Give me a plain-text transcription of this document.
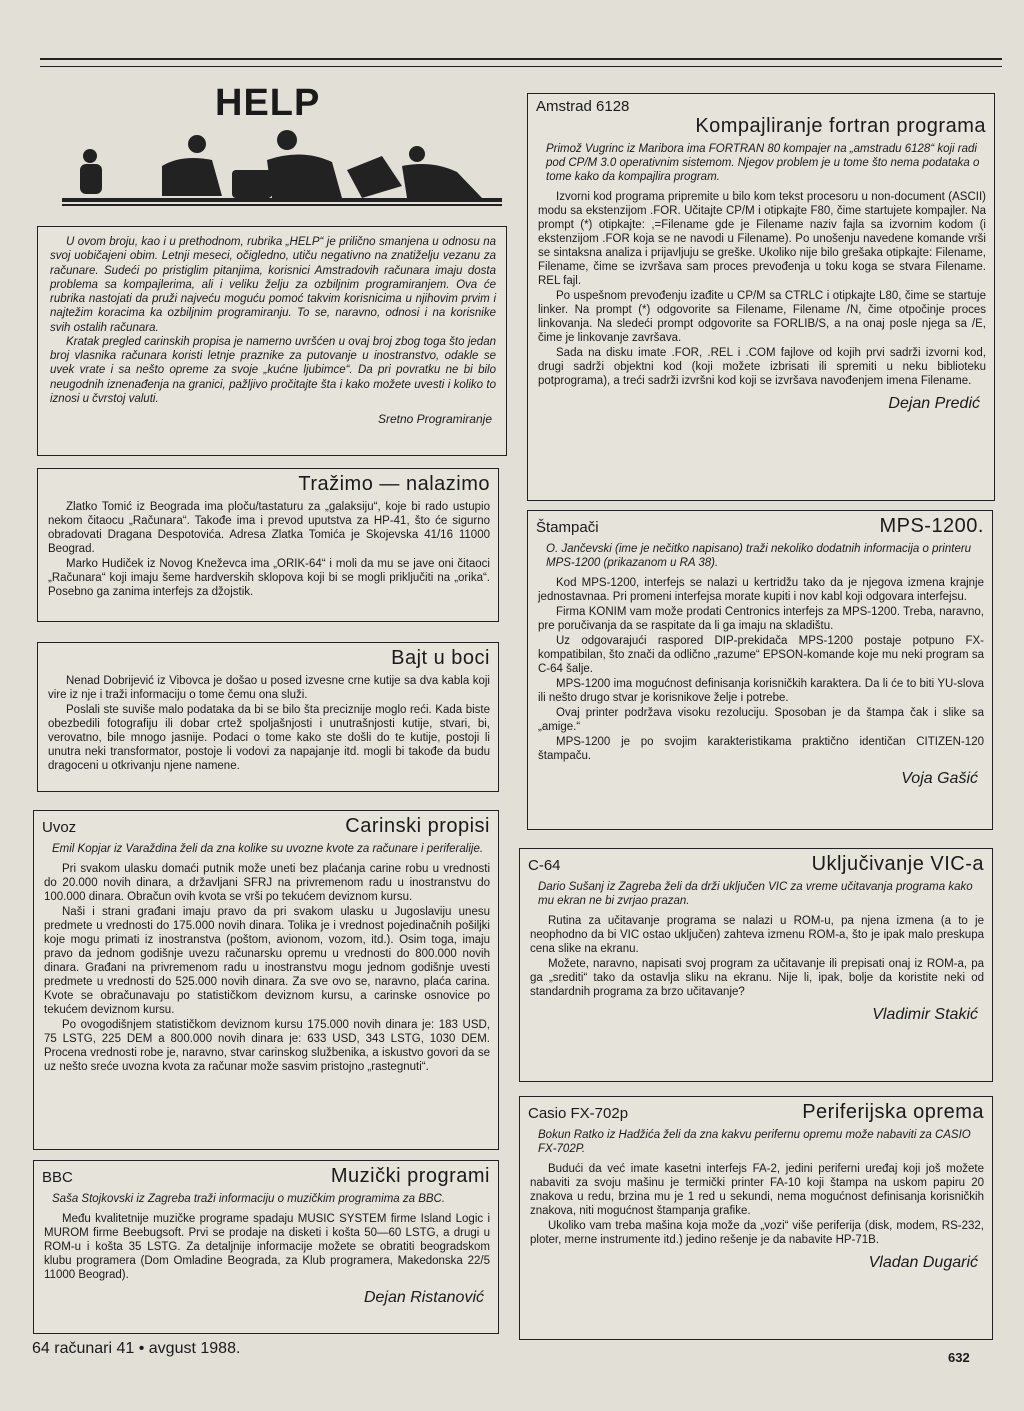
HELP

U ovom broju, kao i u prethodnom, rubrika „HELP“ je prilično smanjena u odnosu na svoj uobičajeni obim. Letnji meseci, očigledno, utiču negativno na znatiželju vezanu za računare. Sudeći po pristiglim pitanjima, korisnici Amstradovih računara imaju dosta problema sa kompajlerima, ali i veliku želju za ozbiljnim programiranjem. Ova će rubrika nastojati da pruži najveću moguću pomoć takvim korisnicima u njihovim prvim i najtežim koracima ka ozbiljnim programiranju. To se, naravno, odnosi i na korisnike svih ostalih računara.

Kratak pregled carinskih propisa je namerno uvršćen u ovaj broj zbog toga što jedan broj vlasnika računara koristi letnje praznike za putovanje u inostranstvo, odakle se uvek vrate i sa nešto opreme za svoje „kućne ljubimce“. Da pri povratku ne bi bilo neugodnih iznenađenja na granici, pažljivo pročitajte šta i kako možete uvesti i koliko to iznosi u čvrstoj valuti.

Sretno Programiranje
Tražimo — nalazimo

Zlatko Tomić iz Beograda ima ploču/tastaturu za „galaksiju“, koje bi rado ustupio nekom čitaocu „Računara“. Takođe ima i prevod uputstva za HP-41, što će sigurno obradovati Dragana Despotovića. Adresa Zlatka Tomića je Skojevska 41/16 11000 Beograd.

Marko Hudiček iz Novog Kneževca ima „ORIK-64“ i moli da mu se jave oni čitaoci „Računara“ koji imaju šeme hardverskih sklopova koji bi se mogli priključiti na „orika“. Posebno ga zanima interfejs za džojstik.

Bajt u boci

Nenad Dobrijević iz Vibovca je došao u posed izvesne crne kutije sa dva kabla koji vire iz nje i traži informaciju o tome čemu ona služi.

Poslali ste suviše malo podataka da bi se bilo šta preciznije moglo reći. Kada biste obezbedili fotografiju ili dobar crtež spoljašnjosti i unutrašnjosti kutije, stvari, bi, verovatno, bile mnogo jasnije. Podaci o tome kako ste došli do te kutije, postoji li unutra neki transformator, postoje li vodovi za napajanje itd. mogli bi takođe da budu dragoceni u otkrivanju njene namene.

Uvoz	Carinski propisi
Emil Kopjar iz Varaždina želi da zna kolike su uvozne kvote za računare i periferalije.

Pri svakom ulasku domaći putnik može uneti bez plaćanja carine robu u vrednosti do 20.000 novih dinara, a državljani SFRJ na privremenom radu u inostranstvu do 100.000 dinara. Obračun ovih kvota se vrši po tekućem deviznom kursu.

Naši i strani građani imaju pravo da pri svakom ulasku u Jugoslaviju unesu predmete u vrednosti do 175.000 novih dinara. Tolika je i vrednost pojedinačnih pošiljki koje mogu primati iz inostranstva (poštom, avionom, vozom, itd.). Osim toga, imaju pravo da jednom godišnje uvezu računarsku opremu u vrednosti do 800.000 novih dinara. Građani na privremenom radu u inostranstvu mogu jednom godišnje uvesti predmete u vrednosti do 525.000 novih dinara. Za sve ovo se, naravno, plaća carina. Kvote se obračunavaju po statističkom deviznom kursu, a carinske osnovice po tekućem deviznom kursu.

Po ovogodišnjem statističkom deviznom kursu 175.000 novih dinara je: 183 USD, 75 LSTG, 225 DEM a 800.000 novih dinara je: 633 USD, 343 LSTG, 1030 DEM. Procena vrednosti robe je, naravno, stvar carinskog službenika, a iskustvo govori da se uz nešto sreće uvozna kvota za računar može sasvim pristojno „rastegnuti“.

BBC	Muzički programi
Saša Stojkovski iz Zagreba traži informaciju o muzičkim programima za BBC.

Među kvalitetnije muzičke programe spadaju MUSIC SYSTEM firme Island Logic i MUROM firme Beebugsoft. Prvi se prodaje na disketi i košta 50—60 LSTG, a drugi u ROM-u i košta 35 LSTG. Za detaljnije informacije možete se obratiti beogradskom klubu programera (Dom Omladine Beograda, za Klub programera, Makedonska 22/5 11000 Beograd).

Dejan Ristanović
Amstrad 6128
Kompajliranje fortran programa
Primož Vugrinc iz Maribora ima FORTRAN 80 kompajer na „amstradu 6128“ koji radi pod CP/M 3.0 operativnim sistemom. Njegov problem je u tome što nema podataka o tome kako da kompajlira program.

Izvorni kod programa pripremite u bilo kom tekst procesoru u non-document (ASCII) modu sa ekstenzijom .FOR. Učitajte CP/M i otipkajte F80, čime startujete kompajler. Na prompt (*) otipkajte: ,=Filename gde je Filename naziv fajla sa izvornim kodom (i ekstenzijom .FOR koja se ne navodi u Filename). Po unošenju navedene komande vrši se sintaksna analiza i prijavljuju se greške. Ukoliko nije bilo grešaka otipkajte: Filename, Filename, čime se izvršava sam proces prevođenja u toku koga se stvara Filename. REL fajl.

Po uspešnom prevođenju izađite u CP/M sa CTRLC i otipkajte L80, čime se startuje linker. Na prompt (*) odgovorite sa Filename, Filename /N, čime otpočinje proces linkovanja. Na sledeći prompt odgovorite sa FORLIB/S, a na onaj posle njega sa /E, čime je linkovanje završava.

Sada na disku imate .FOR, .REL i .COM fajlove od kojih prvi sadrži izvorni kod, drugi sadrži objektni kod (koji možete izbrisati ili spremiti u neku biblioteku potprograma), a treći sadrži izvršni kod koji se izvršava navođenjem imena Filename.

Dejan Predić
Štampači	MPS-1200.
O. Jančevski (ime je nečitko napisano) traži nekoliko dodatnih informacija o printeru MPS-1200 (prikazanom u RA 38).

Kod MPS-1200, interfejs se nalazi u kertridžu tako da je njegova izmena krajnje jednostavnaa. Pri promeni interfejsa morate kupiti i nov kabl koji odgovara interfejsu.

Firma KONIM vam može prodati Centronics interfejs za MPS-1200. Treba, naravno, pre poručivanja da se raspitate da li ga imaju na skladištu.

Uz odgovarajući raspored DIP-prekidača MPS-1200 postaje potpuno FX-kompatibilan, što znači da odlično „razume“ EPSON-komande koje mu neki program sa C-64 šalje.

MPS-1200 ima mogućnost definisanja korisničkih karaktera. Da li će to biti YU-slova ili nešto drugo stvar je korisnikove želje i potrebe.

Ovaj printer podržava visoku rezoluciju. Sposoban je da štampa čak i slike sa „amige.“

MPS-1200 je po svojim karakteristikama praktično identičan CITIZEN-120 štampaču.

Voja Gašić
C-64	Uključivanje VIC-a
Dario Sušanj iz Zagreba želi da drži uključen VIC za vreme učitavanja programa kako mu ekran ne bi zvrjao prazan.

Rutina za učitavanje programa se nalazi u ROM-u, pa njena izmena (a to je neophodno da bi VIC ostao uključen) zahteva izmenu ROM-a, što je ipak malo preskupa cena slike na ekranu.

Možete, naravno, napisati svoj program za učitavanje ili prepisati onaj iz ROM-a, pa ga „srediti“ tako da ostavlja sliku na ekranu. Nije li, ipak, bolje da koristite neki od standardnih programa za brzo učitavanje?

Vladimir Stakić
Casio FX-702p	Periferijska oprema
Bokun Ratko iz Hadžića želi da zna kakvu perifernu opremu može nabaviti za CASIO FX-702P.

Budući da već imate kasetni interfejs FA-2, jedini periferni uređaj koji još možete nabaviti za svoju mašinu je termički printer FA-10 koji štampa na uskom papiru 20 znakova u redu, brzina mu je 1 red u sekundi, nema mogućnost definisanja korisničkih znakova, niti mogućnost štampanja grafike.

Ukoliko vam treba mašina koja može da „vozi“ više periferija (disk, modem, RS-232, ploter, merne instrumente itd.) jedino rešenje je da nabavite HP-71B.

Vladan Dugarić
64 računari 41 • avgust 1988.
632
